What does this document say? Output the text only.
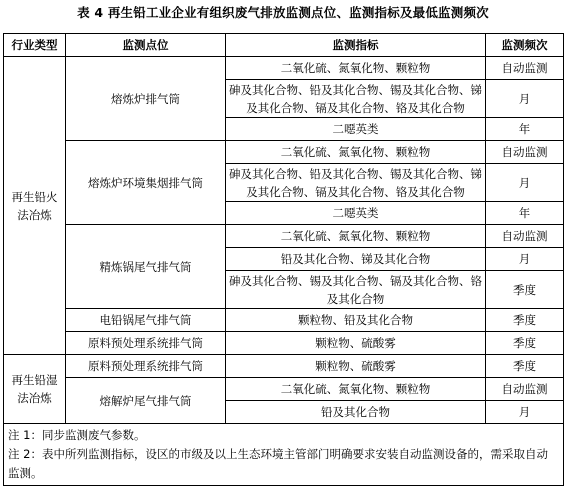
表 4 再生铅工业企业有组织废气排放监测点位、监测指标及最低监测频次
行业类型	监测点位	监测指标	监测频次
再生铅火法冶炼	熔炼炉排气筒	二氧化硫、氮氧化物、颗粒物	自动监测
		砷及其化合物、铅及其化合物、锡及其化合物、锑及其化合物、镉及其化合物、铬及其化合物	月
		二噁英类	年
	熔炼炉环境集烟排气筒	二氧化硫、氮氧化物、颗粒物	自动监测
		砷及其化合物、铅及其化合物、锡及其化合物、锑及其化合物、镉及其化合物、铬及其化合物	月
		二噁英类	年
	精炼锅尾气排气筒	二氧化硫、氮氧化物、颗粒物	自动监测
		铅及其化合物、锑及其化合物	月
		砷及其化合物、锡及其化合物、镉及其化合物、铬及其化合物	季度
	电铅锅尾气排气筒	颗粒物、铅及其化合物	季度
	原料预处理系统排气筒	颗粒物、硫酸雾	季度
再生铅湿法冶炼	原料预处理系统排气筒	颗粒物、硫酸雾	季度
	熔解炉尾气排气筒	二氧化硫、氮氧化物、颗粒物	自动监测
		铅及其化合物	月

注 1：同步监测废气参数。
注 2：表中所列监测指标，设区的市级及以上生态环境主管部门明确要求安装自动监测设备的，需采取自动监测。			
